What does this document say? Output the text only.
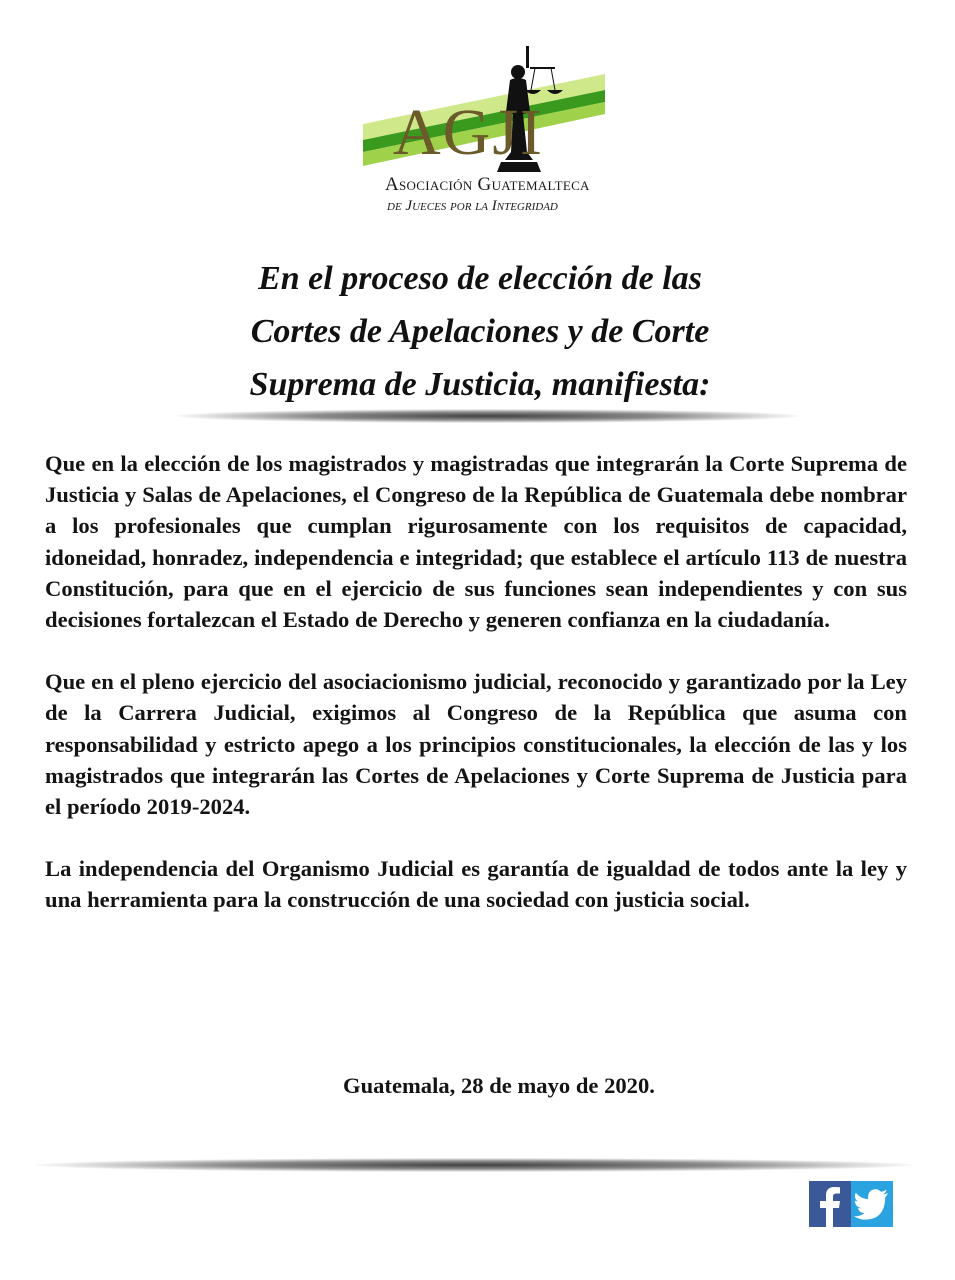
AGJI
Asociación Guatemalteca
de Jueces por la Integridad
En el proceso de elección de las
Cortes de Apelaciones y de Corte
Suprema de Justicia, manifiesta:

Que en la elección de los magistrados y magistradas que integrarán la Corte Suprema de Justicia y Salas de Apelaciones, el Congreso de la República de Guatemala debe nombrar a los profesionales que cumplan rigurosamente con los requisitos de capacidad, idoneidad, honradez, independencia e integridad; que establece el artículo 113 de nuestra Constitución, para que en el ejercicio de sus funciones sean independientes y con sus decisiones fortalezcan el Estado de Derecho y generen confianza en la ciudadanía.

Que en el pleno ejercicio del asociacionismo judicial, reconocido y garantizado por la Ley de la Carrera Judicial, exigimos al Congreso de la República que asuma con responsabilidad y estricto apego a los principios constitucionales, la elección de las y los magistrados que integrarán las Cortes de Apelaciones y Corte Suprema de Justicia para el período 2019-2024.

La independencia del Organismo Judicial es garantía de igualdad de todos ante la ley y una herramienta para la construcción de una sociedad con justicia social.

Guatemala, 28 de mayo de 2020.
